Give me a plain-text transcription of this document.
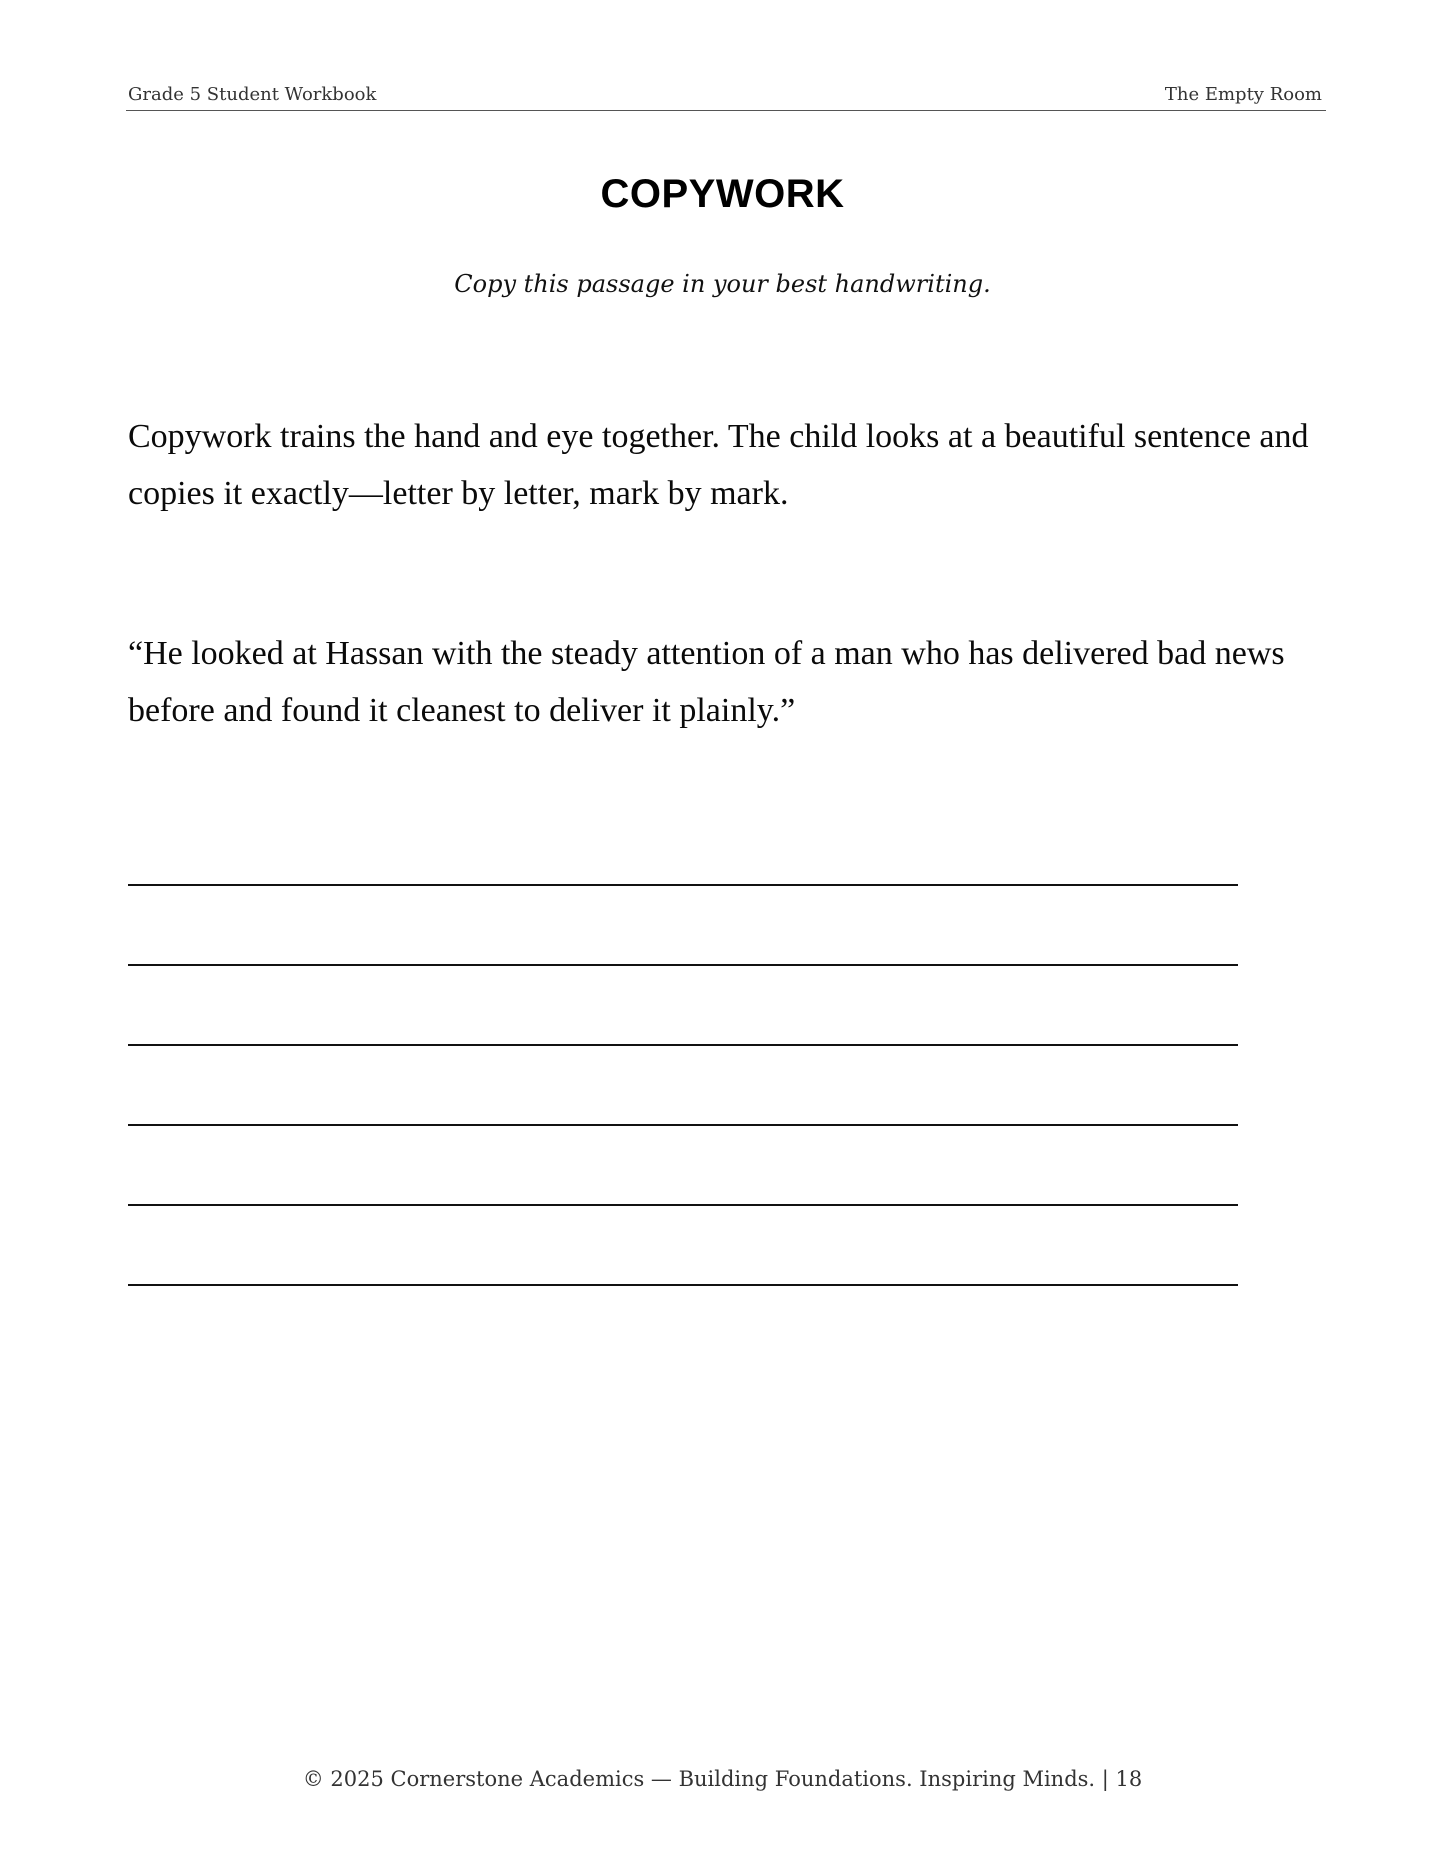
Grade 5 Student Workbook	The Empty Room
COPYWORK
Copy this passage in your best handwriting.

Copywork trains the hand and eye together. The child looks at a beautiful sentence and copies it exactly—letter by letter, mark by mark.

“He looked at Hassan with the steady attention of a man who has delivered bad news before and found it cleanest to deliver it plainly.”

© 2025 Cornerstone Academics — Building Foundations. Inspiring Minds. | 18
